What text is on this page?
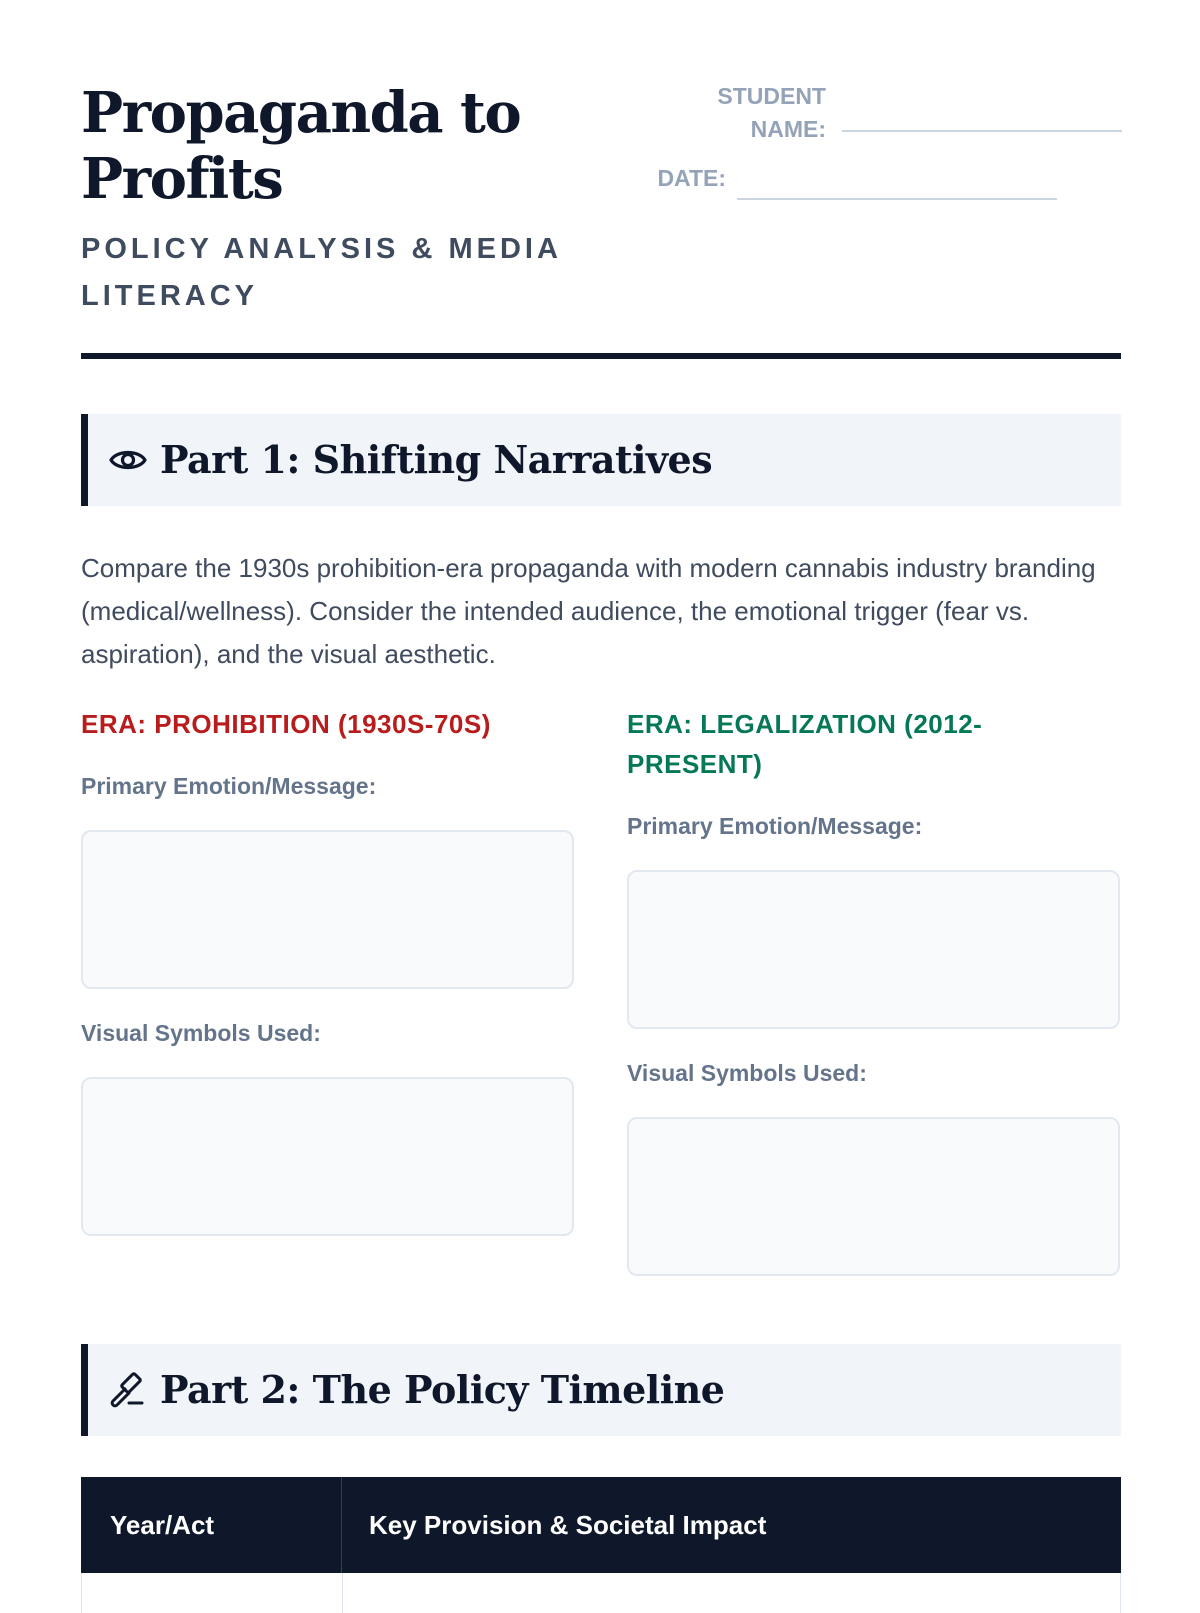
Propaganda to Profits
POLICY ANALYSIS & MEDIA LITERACY
STUDENT
NAME:
DATE:
Part 1: Shifting Narratives
Compare the 1930s prohibition-era propaganda with modern cannabis industry branding (medical/wellness). Consider the intended audience, the emotional trigger (fear vs. aspiration), and the visual aesthetic.
ERA: PROHIBITION (1930S-70S)
Primary Emotion/Message:
Visual Symbols Used:
ERA: LEGALIZATION (2012-PRESENT)
Primary Emotion/Message:
Visual Symbols Used:
Part 2: The Policy Timeline
Year/Act	Key Provision & Societal Impact
